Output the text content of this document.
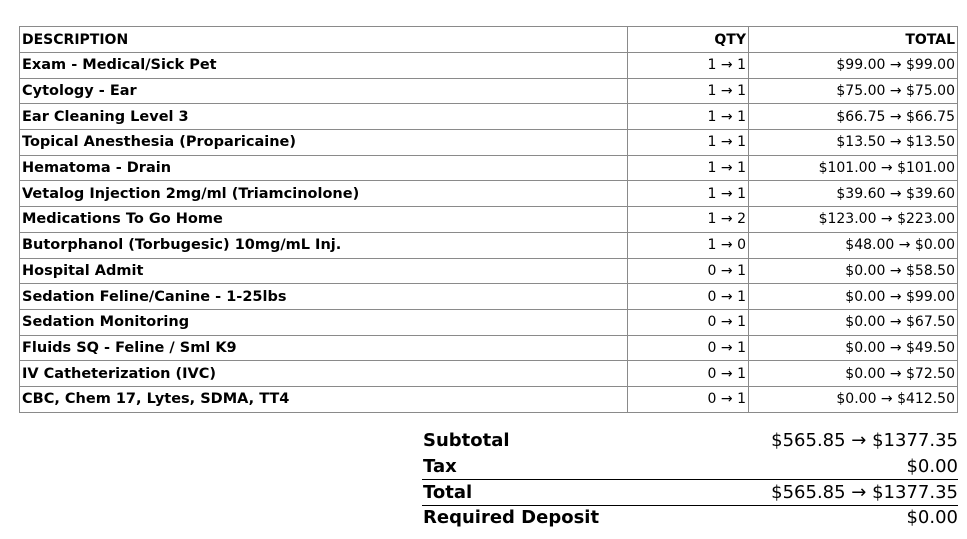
DESCRIPTION	QTY	TOTAL
Exam - Medical/Sick Pet	1 → 1	$99.00 → $99.00
Cytology - Ear	1 → 1	$75.00 → $75.00
Ear Cleaning Level 3	1 → 1	$66.75 → $66.75
Topical Anesthesia (Proparicaine)	1 → 1	$13.50 → $13.50
Hematoma - Drain	1 → 1	$101.00 → $101.00
Vetalog Injection 2mg/ml (Triamcinolone)	1 → 1	$39.60 → $39.60
Medications To Go Home	1 → 2	$123.00 → $223.00
Butorphanol (Torbugesic) 10mg/mL Inj.	1 → 0	$48.00 → $0.00
Hospital Admit	0 → 1	$0.00 → $58.50
Sedation Feline/Canine - 1-25lbs	0 → 1	$0.00 → $99.00
Sedation Monitoring	0 → 1	$0.00 → $67.50
Fluids SQ - Feline / Sml K9	0 → 1	$0.00 → $49.50
IV Catheterization (IVC)	0 → 1	$0.00 → $72.50
CBC, Chem 17, Lytes, SDMA, TT4	0 → 1	$0.00 → $412.50
Subtotal	$565.85 → $1377.35
Tax	$0.00
Total	$565.85 → $1377.35
Required Deposit	$0.00
